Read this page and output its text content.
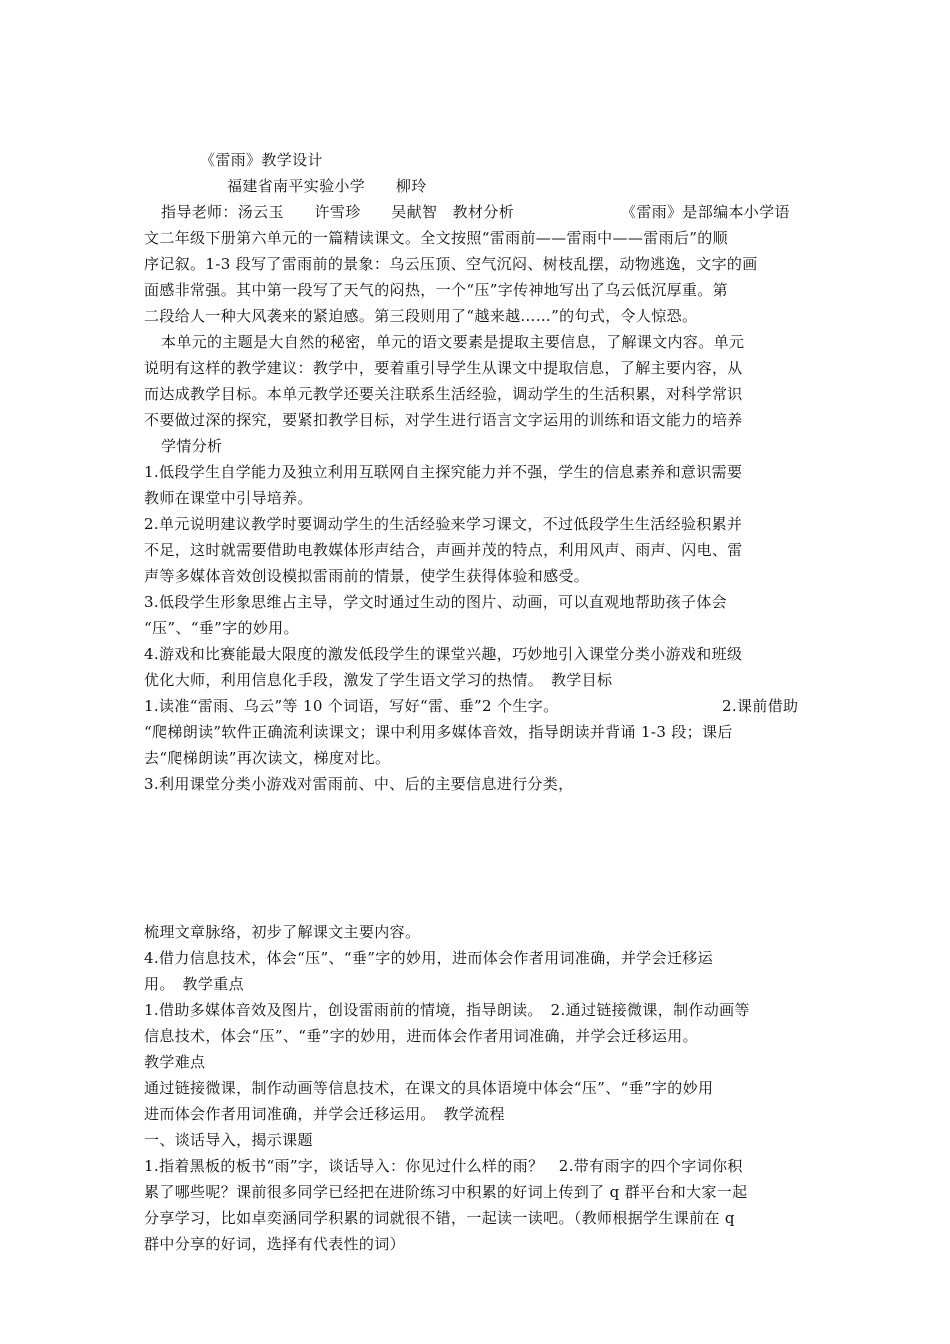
《雷雨》教学设计
福建省南平实验小学　　柳玲
指导老师：汤云玉　　许雪珍　　吴献智　教材分析	《雷雨》是部编本小学语
文二年级下册第六单元的一篇精读课文。全文按照“雷雨前——雷雨中——雷雨后”的顺
序记叙。1-3 段写了雷雨前的景象：乌云压顶、空气沉闷、树枝乱摆，动物逃逸，文字的画
面感非常强。其中第一段写了天气的闷热，一个“压”字传神地写出了乌云低沉厚重。第
二段给人一种大风袭来的紧迫感。第三段则用了“越来越……”的句式，令人惊恐。
本单元的主题是大自然的秘密，单元的语文要素是提取主要信息，了解课文内容。单元
说明有这样的教学建议：教学中，要着重引导学生从课文中提取信息，了解主要内容，从
而达成教学目标。本单元教学还要关注联系生活经验，调动学生的生活积累，对科学常识
不要做过深的探究，要紧扣教学目标，对学生进行语言文字运用的训练和语文能力的培养
学情分析
1.低段学生自学能力及独立利用互联网自主探究能力并不强，学生的信息素养和意识需要
教师在课堂中引导培养。
2.单元说明建议教学时要调动学生的生活经验来学习课文，不过低段学生生活经验积累并
不足，这时就需要借助电教媒体形声结合，声画并茂的特点，利用风声、雨声、闪电、雷
声等多媒体音效创设模拟雷雨前的情景，使学生获得体验和感受。
3.低段学生形象思维占主导，学文时通过生动的图片、动画，可以直观地帮助孩子体会
“压”、“垂”字的妙用。
4.游戏和比赛能最大限度的激发低段学生的课堂兴趣，巧妙地引入课堂分类小游戏和班级
优化大师，利用信息化手段，激发了学生语文学习的热情。　教学目标
1.读准“雷雨、乌云”等 10 个词语，写好“雷、垂”2 个生字。	2.课前借助
“爬梯朗读”软件正确流利读课文；课中利用多媒体音效，指导朗读并背诵 1-3 段；课后
去“爬梯朗读”再次读文，梯度对比。
3.利用课堂分类小游戏对雷雨前、中、后的主要信息进行分类，
梳理文章脉络，初步了解课文主要内容。
4.借力信息技术，体会“压”、“垂”字的妙用，进而体会作者用词准确，并学会迁移运
用。　教学重点
1.借助多媒体音效及图片，创设雷雨前的情境，指导朗读。　2.通过链接微课，制作动画等
信息技术，体会“压”、“垂”字的妙用，进而体会作者用词准确，并学会迁移运用。
教学难点
通过链接微课，制作动画等信息技术，在课文的具体语境中体会“压”、“垂”字的妙用
进而体会作者用词准确，并学会迁移运用。　教学流程
一、谈话导入，揭示课题
1.指着黑板的板书“雨”字，谈话导入：你见过什么样的雨？　2.带有雨字的四个字词你积
累了哪些呢？课前很多同学已经把在进阶练习中积累的好词上传到了 q 群平台和大家一起
分享学习，比如卓奕涵同学积累的词就很不错，一起读一读吧。（教师根据学生课前在 q
群中分享的好词，选择有代表性的词）
